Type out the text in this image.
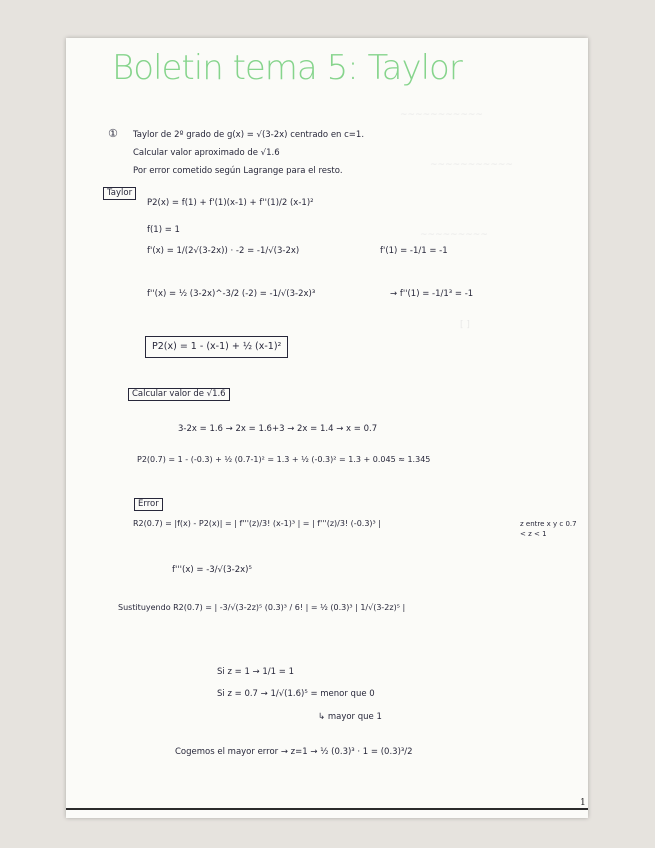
~~~~~~~~~~~
~~~~~~~~~~~
~~~~~~~~~
[ ]
Boletin tema 5: Taylor
① Taylor de 2º grado de g(x) = √(3-2x) centrado en c=1.
Calcular valor aproximado de √1.6
Por error cometido según Lagrange para el resto.
Taylor
P2(x) = f(1) + f'(1)(x-1) + f''(1)/2 (x-1)²
f(1) = 1
f'(x) = 1/(2√(3-2x)) · -2 = -1/√(3-2x)	f'(1) = -1/1 = -1
f''(x) = ½ (3-2x)^-3/2 (-2) = -1/√(3-2x)³	→ f''(1) = -1/1³ = -1
P2(x) = 1 - (x-1) + ½ (x-1)²
Calcular valor de √1.6
3-2x = 1.6 → 2x = 1.6+3 → 2x = 1.4 → x = 0.7
P2(0.7) = 1 - (-0.3) + ½ (0.7-1)² = 1.3 + ½ (-0.3)² = 1.3 + 0.045 ≈ 1.345
Error
R2(0.7) = |f(x) - P2(x)| = | f'''(z)/3! (x-1)³ | = | f'''(z)/3! (-0.3)³ |	z entre x y c 0.7 < z < 1
f'''(x) = -3/√(3-2x)⁵
Sustituyendo R2(0.7) = | -3/√(3-2z)⁵ (0.3)³ / 6! | = ½ (0.3)³ | 1/√(3-2z)⁵ |
Si z = 1 → 1/1 = 1
Si z = 0.7 → 1/√(1.6)⁵ = menor que 0
↳ mayor que 1
Cogemos el mayor error → z=1 → ½ (0.3)³ · 1 = (0.3)³/2
1
